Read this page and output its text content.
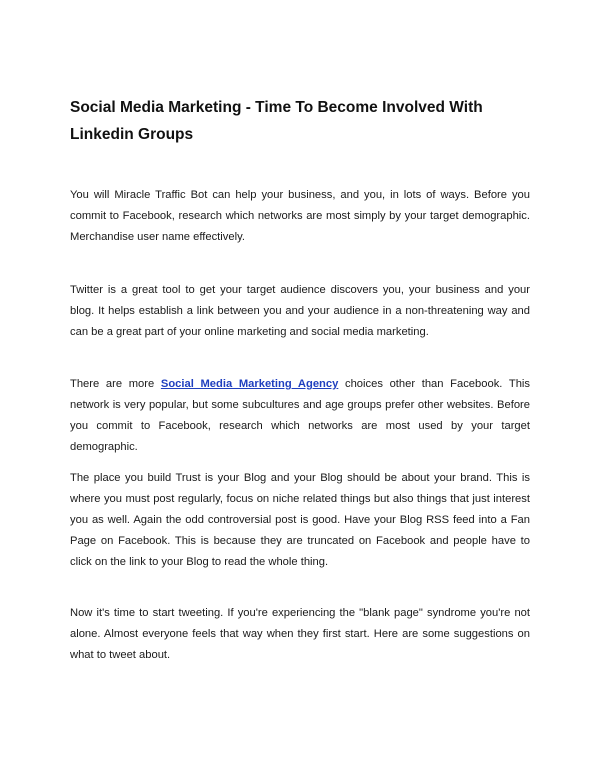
Social Media Marketing - Time To Become Involved With Linkedin Groups

You will Miracle Traffic Bot can help your business, and you, in lots of ways. Before you commit to Facebook, research which networks are most simply by your target demographic. Merchandise user name effectively.

Twitter is a great tool to get your target audience discovers you, your business and your blog. It helps establish a link between you and your audience in a non-threatening way and can be a great part of your online marketing and social media marketing.

There are more Social Media Marketing Agency choices other than Facebook. This network is very popular, but some subcultures and age groups prefer other websites. Before you commit to Facebook, research which networks are most used by your target demographic.

The place you build Trust is your Blog and your Blog should be about your brand. This is where you must post regularly, focus on niche related things but also things that just interest you as well. Again the odd controversial post is good. Have your Blog RSS feed into a Fan Page on Facebook. This is because they are truncated on Facebook and people have to click on the link to your Blog to read the whole thing.

Now it's time to start tweeting. If you're experiencing the "blank page" syndrome you're not alone. Almost everyone feels that way when they first start. Here are some suggestions on what to tweet about.
